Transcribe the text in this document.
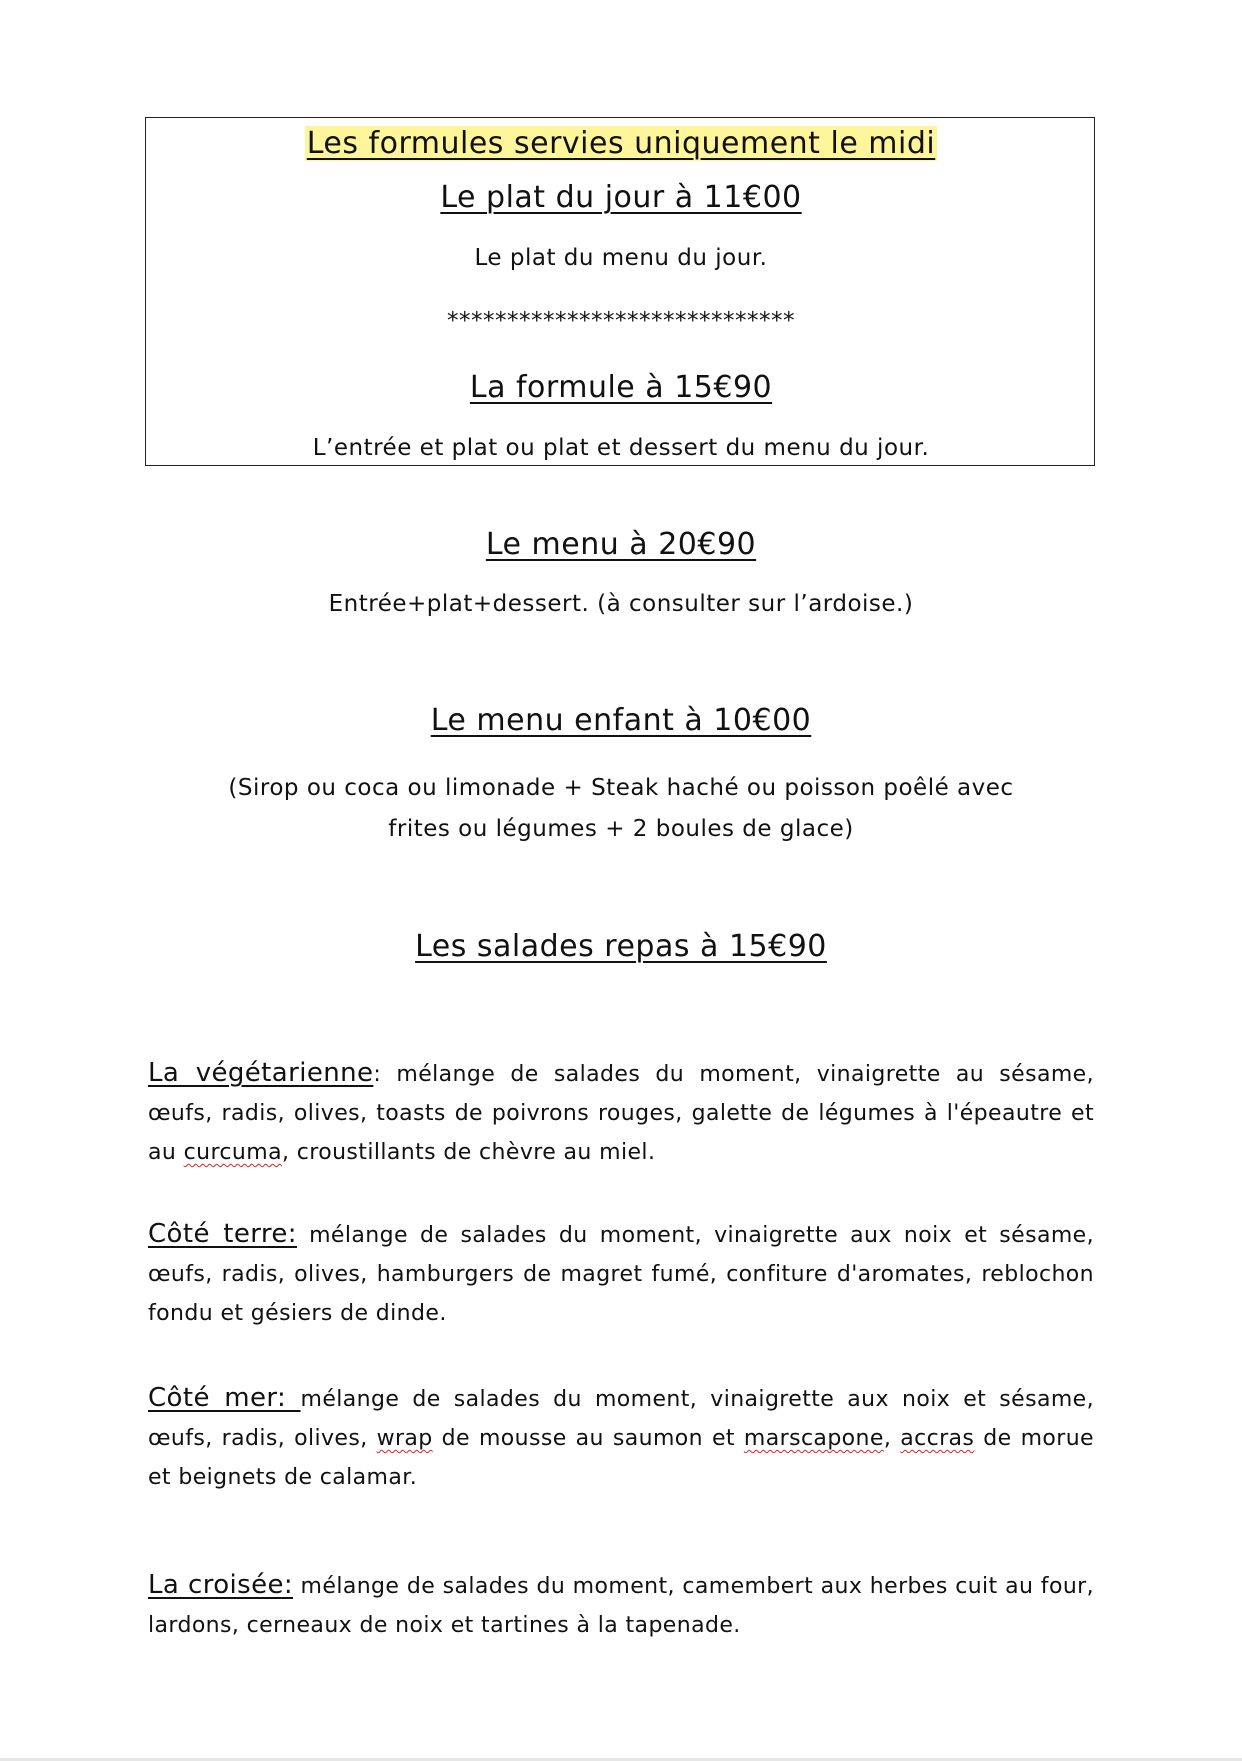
Les formules servies uniquement le midi

Le plat du jour à 11€00

Le plat du menu du jour.

*****************************

La formule à 15€90

L’entrée et plat ou plat et dessert du menu du jour.

Le menu à 20€90

Entrée+plat+dessert. (à consulter sur l’ardoise.)

Le menu enfant à 10€00

(Sirop ou coca ou limonade + Steak haché ou poisson poêlé avec

frites ou légumes + 2 boules de glace)

Les salades repas à 15€90

La végétarienne: mélange de salades du moment, vinaigrette au sésame, œufs, radis, olives, toasts de poivrons rouges, galette de légumes à l'épeautre et au curcuma, croustillants de chèvre au miel.

Côté terre: mélange de salades du moment, vinaigrette aux noix et sésame, œufs, radis, olives, hamburgers de magret fumé, confiture d'aromates, reblochon fondu et gésiers de dinde.

Côté mer: mélange de salades du moment, vinaigrette aux noix et sésame, œufs, radis, olives, wrap de mousse au saumon et marscapone, accras de morue et beignets de calamar.

La croisée: mélange de salades du moment, camembert aux herbes cuit au four, lardons, cerneaux de noix et tartines à la tapenade.
